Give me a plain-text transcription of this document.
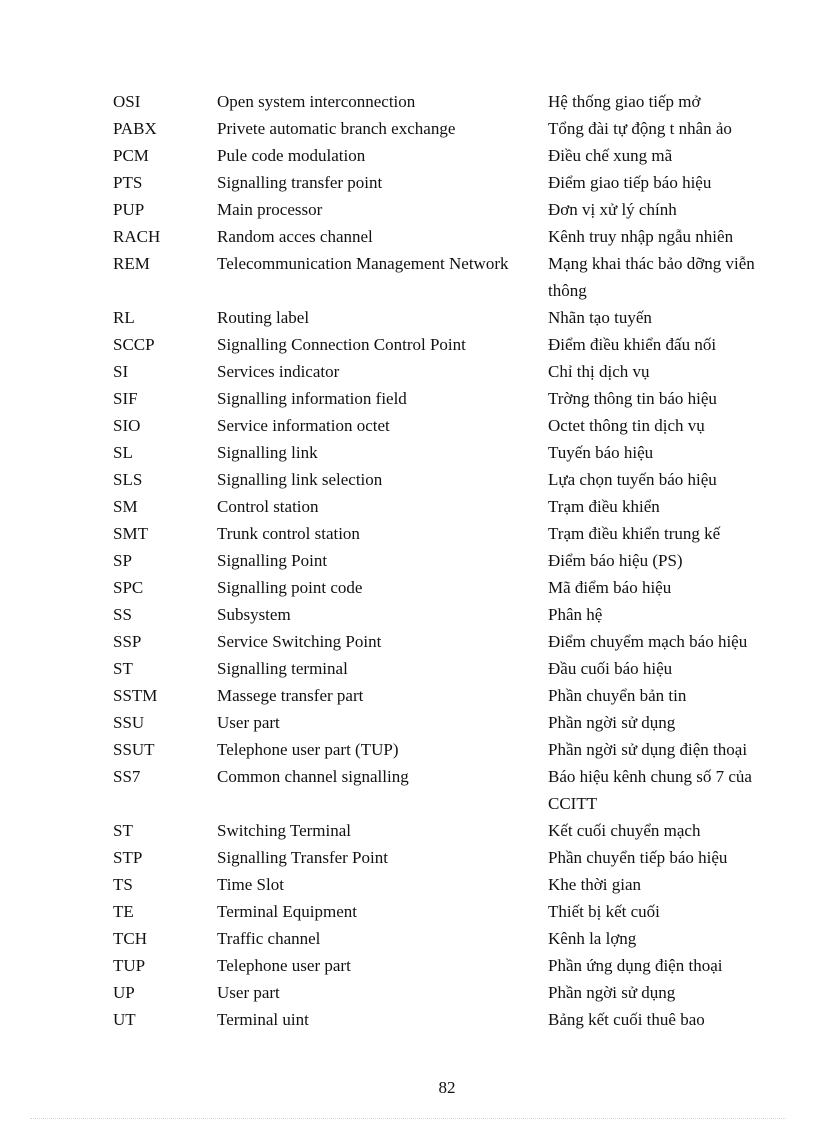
OSI	Open system interconnection	Hệ thống giao tiếp mở
PABX	Privete automatic branch exchange	Tổng đài tự động t nhân ảo
PCM	Pule code modulation	Điều chế xung mã
PTS	Signalling transfer point	Điểm giao tiếp báo hiệu
PUP	Main processor	Đơn vị xử lý chính
RACH	Random acces channel	Kênh truy nhập ngẫu nhiên
REM	Telecommunication Management Network	Mạng khai thác bảo dỡng viễn thông
RL	Routing label	Nhãn tạo tuyến
SCCP	Signalling Connection Control Point	Điểm điều khiển đấu nối
SI	Services indicator	Chỉ thị dịch vụ
SIF	Signalling information field	Trờng thông tin báo hiệu
SIO	Service information octet	Octet thông tin dịch vụ
SL	Signalling link	Tuyến báo hiệu
SLS	Signalling link selection	Lựa chọn tuyến báo hiệu
SM	Control station	Trạm điều khiển
SMT	Trunk control station	Trạm điều khiển trung kế
SP	Signalling Point	Điểm báo hiệu (PS)
SPC	Signalling point code	Mã điểm báo hiệu
SS	Subsystem	Phân hệ
SSP	Service Switching Point	Điểm chuyểm mạch báo hiệu
ST	Signalling terminal	Đầu cuối báo hiệu
SSTM	Massege transfer part	Phần chuyển bản tin
SSU	User part	Phần ngời sử dụng
SSUT	Telephone user part (TUP)	Phần ngời sử dụng điện thoại
SS7	Common channel signalling	Báo hiệu kênh chung số 7 của CCITT
ST	Switching Terminal	Kết cuối chuyển mạch
STP	Signalling Transfer Point	Phần chuyển tiếp báo hiệu
TS	Time Slot	Khe thời gian
TE	Terminal Equipment	Thiết bị kết cuối
TCH	Traffic channel	Kênh la lợng
TUP	Telephone user part	Phần ứng dụng điện thoại
UP	User part	Phần ngời sử dụng
UT	Terminal uint	Bảng kết cuối thuê bao
82
